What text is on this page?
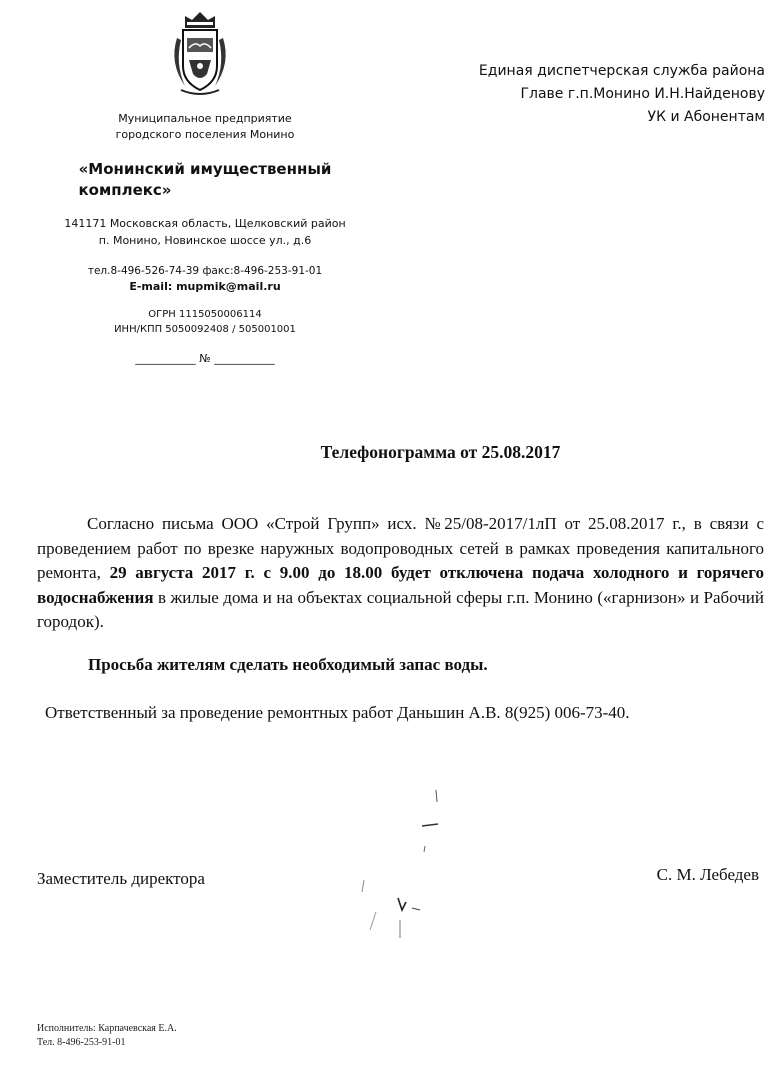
Муниципальное предприятие
городского поселения Монино
«Монинский имущественный
комплекс»
141171 Московская область, Щелковский район
п. Монино, Новинское шоссе ул., д.6
тел.8-496-526-74-39 факс:8-496-253-91-01
E-mail: mupmik@mail.ru
ОГРН 1115050006114
ИНН/КПП 5050092408 / 505001001
___________ № ___________
Единая диспетчерская служба района
Главе г.п.Монино И.Н.Найденову
УК и Абонентам
Телефонограмма от 25.08.2017
Согласно письма ООО «Строй Групп» исх. №25/08-2017/1лП от 25.08.2017 г., в связи с проведением работ по врезке наружных водопроводных сетей в рамках проведения капитального ремонта, 29 августа 2017 г. с 9.00 до 18.00 будет отключена подача холодного и горячего водоснабжения в жилые дома и на объектах социальной сферы г.п. Монино («гарнизон» и Рабочий городок).
Просьба жителям сделать необходимый запас воды.
Ответственный за проведение ремонтных работ Даньшин А.В. 8(925) 006-73-40.
Заместитель директора	С. М. Лебедев
Исполнитель: Карпачевская Е.А.
Тел. 8-496-253-91-01
